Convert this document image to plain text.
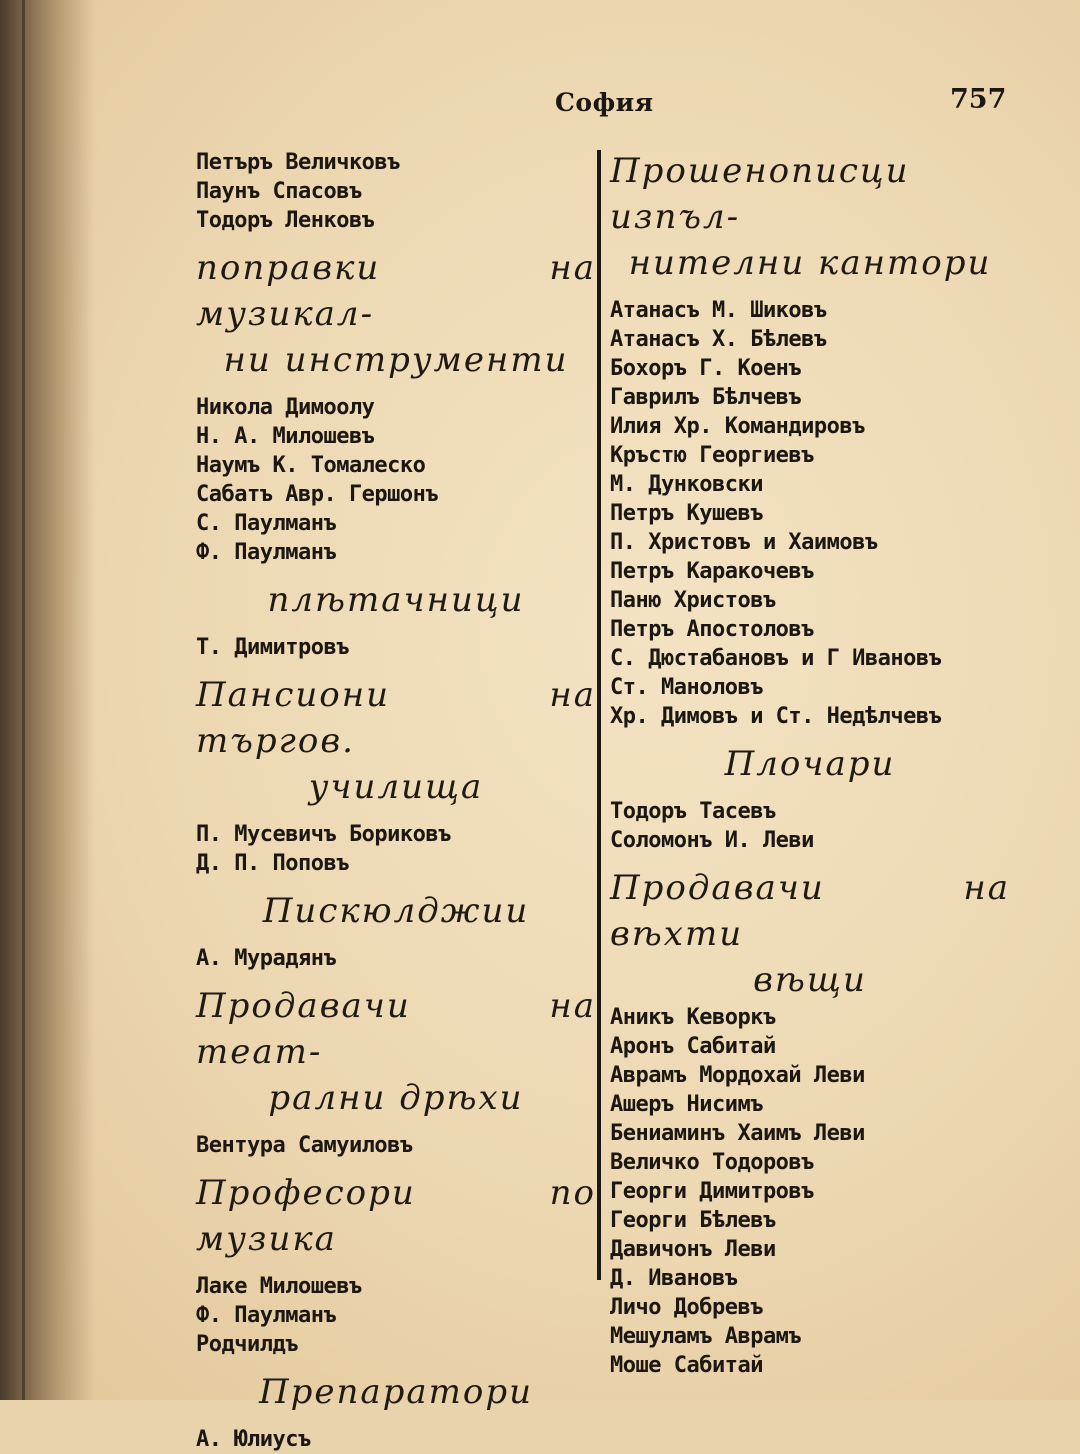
София	757
Петъръ Величковъ
Паунъ Спасовъ
Тодоръ Ленковъ
поправки на музикал-
ни инструменти
Никола Димоолу
Н. А. Милошевъ
Наумъ К. Томалеско
Сабатъ Авр. Гершонъ
С. Паулманъ
Ф. Паулманъ
плѣтачници
Т. Димитровъ
Пансиони на търгов.
училища
П. Мусевичъ Бориковъ
Д. П. Поповъ
Пискюлджии
А. Мурадянъ
Продавачи на теат-
рални дрѣхи
Вентура Самуиловъ
Професори по музика
Лаке Милошевъ
Ф. Паулманъ
Родчилдъ
Препаратори
А. Юлиусъ
Прошенописци изпъл-
нителни кантори
Атанасъ М. Шиковъ
Атанасъ Х. Бѣлевъ
Бохоръ Г. Коенъ
Гаврилъ Бѣлчевъ
Илия Хр. Командировъ
Кръстю Георгиевъ
М. Дунковски
Петръ Кушевъ
П. Христовъ и Хаимовъ
Петръ Каракочевъ
Паню Христовъ
Петръ Апостоловъ
С. Дюстабановъ и Г Ивановъ
Ст. Маноловъ
Хр. Димовъ и Ст. Недѣлчевъ
Плочари
Тодоръ Тасевъ
Соломонъ И. Леви
Продавачи на вѣхти
вѣщи
Аникъ Кеворкъ
Аронъ Сабитай
Аврамъ Мордохай Леви
Ашеръ Нисимъ
Бениаминъ Хаимъ Леви
Величко Тодоровъ
Георги Димитровъ
Георги Бѣлевъ
Давичонъ Леви
Д. Ивановъ
Личо Добревъ
Мешуламъ Аврамъ
Моше Сабитай
